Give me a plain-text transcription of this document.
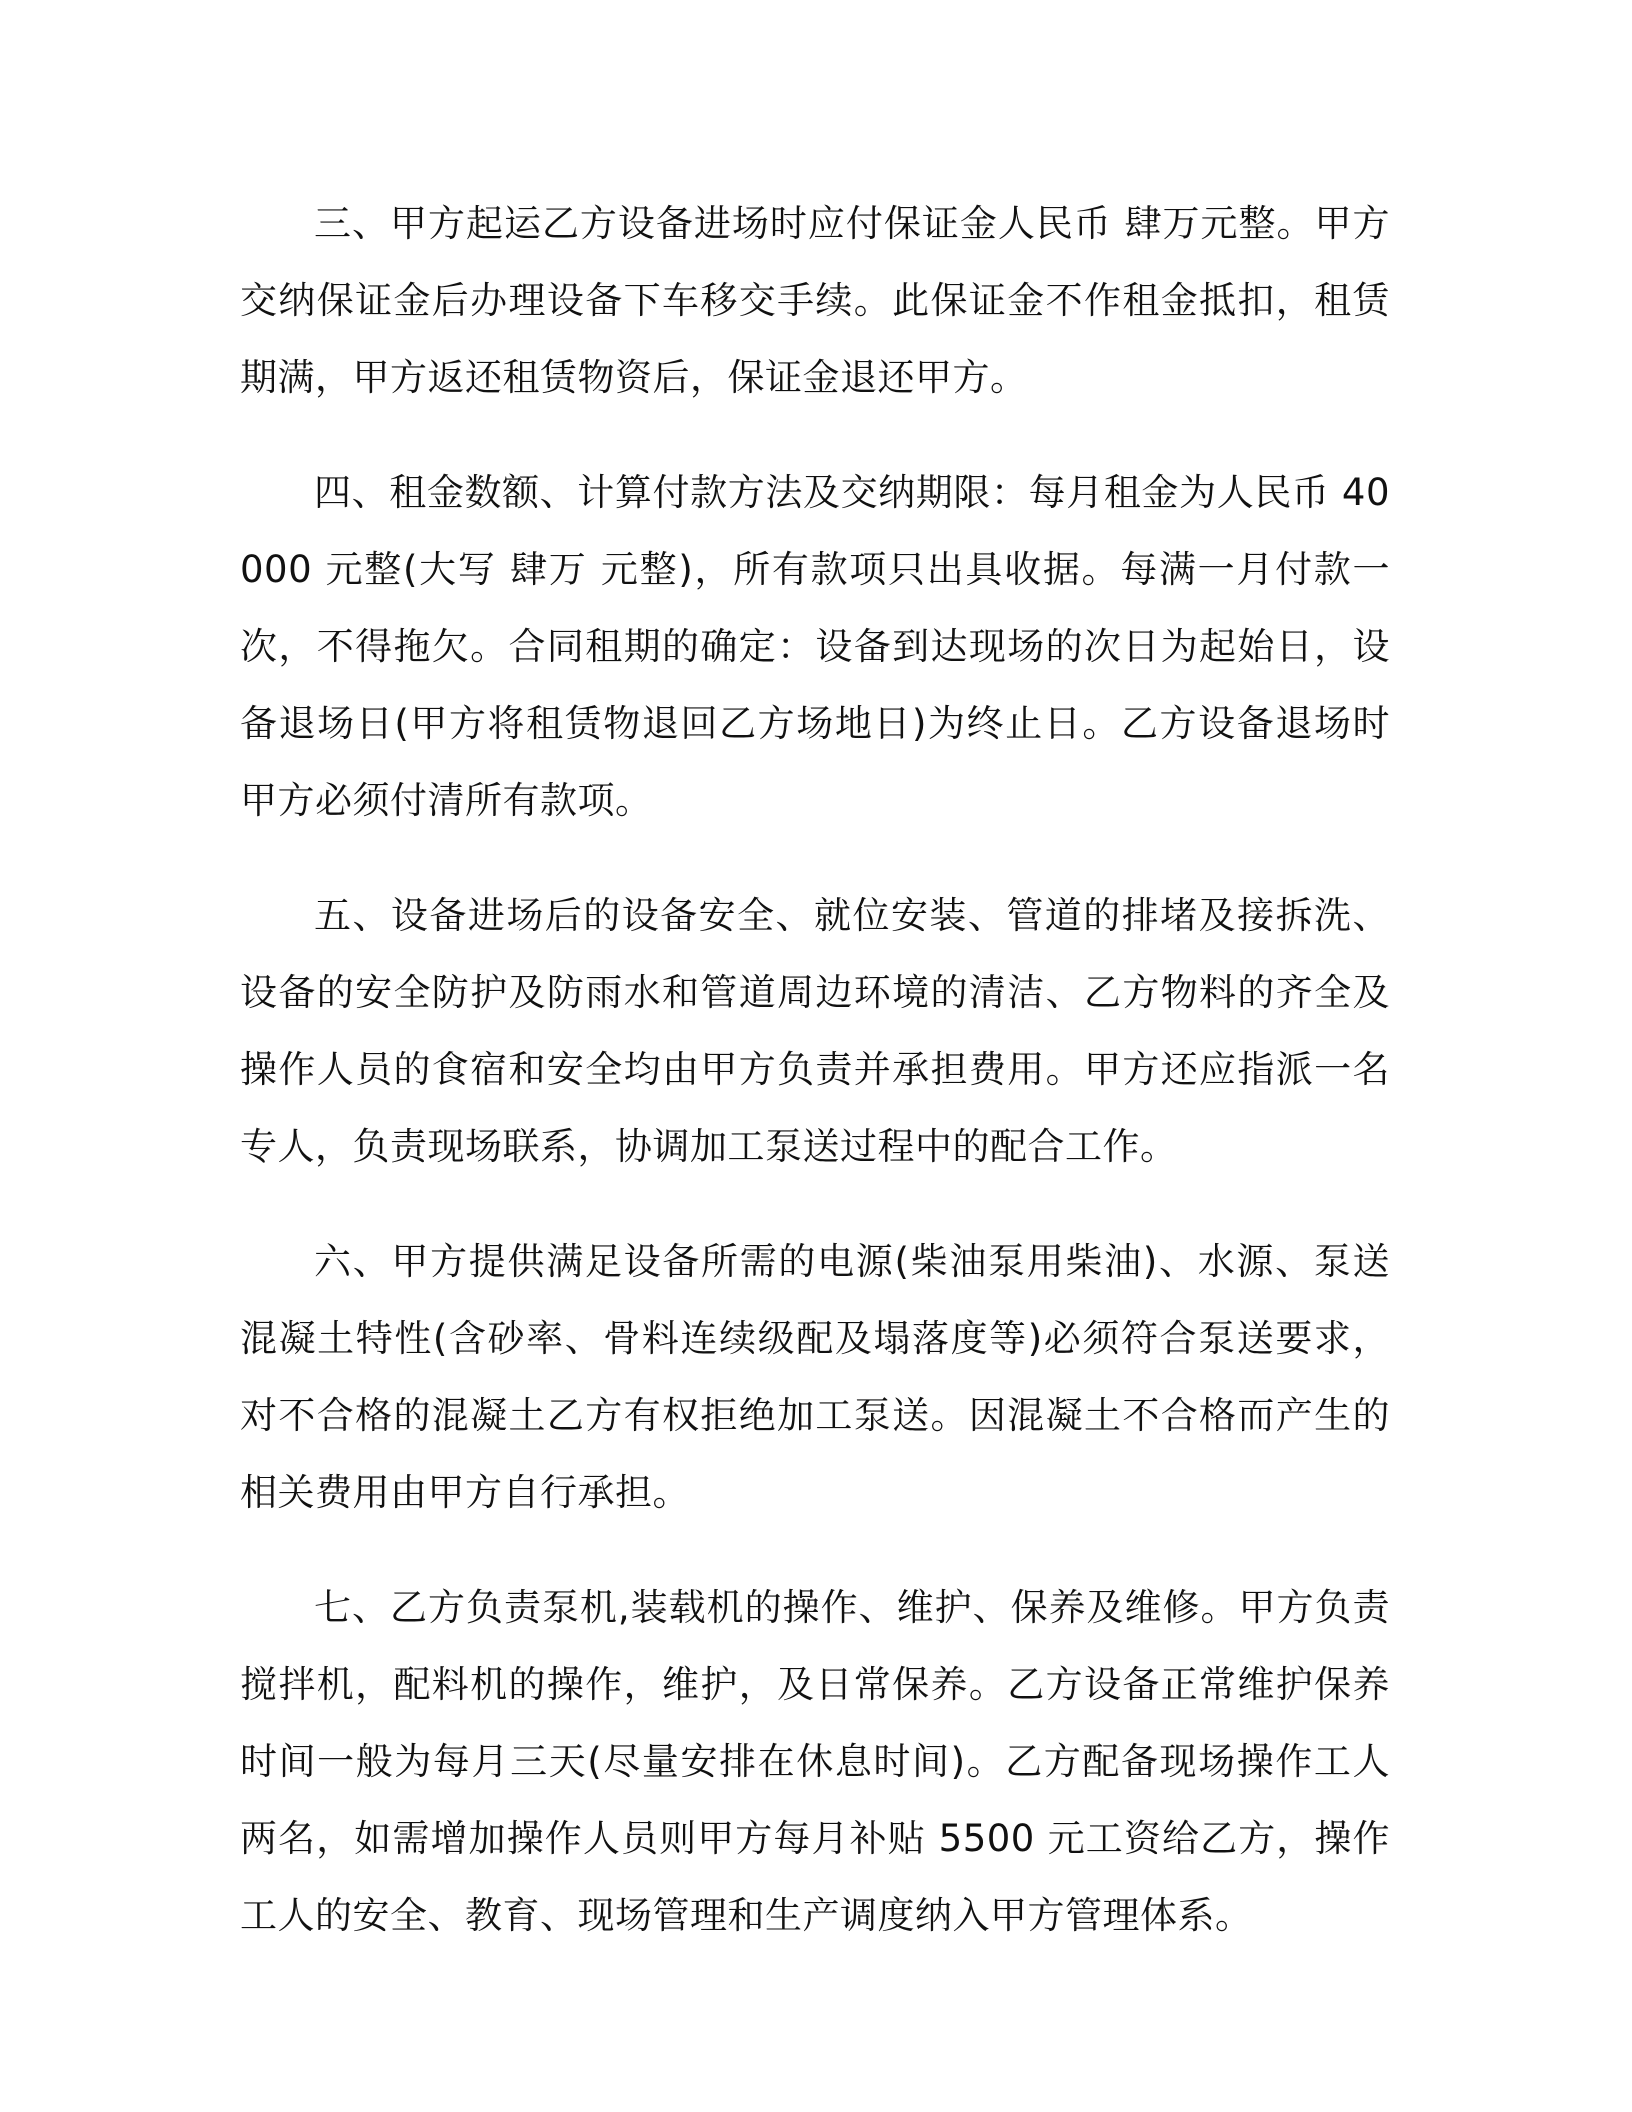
三、甲方起运乙方设备进场时应付保证金人民币 肆万元整。甲方交纳保证金后办理设备下车移交手续。此保证金不作租金抵扣，租赁期满，甲方返还租赁物资后，保证金退还甲方。

四、租金数额、计算付款方法及交纳期限：每月租金为人民币 40000 元整(大写 肆万 元整)，所有款项只出具收据。每满一月付款一次，不得拖欠。合同租期的确定：设备到达现场的次日为起始日，设备退场日(甲方将租赁物退回乙方场地日)为终止日。乙方设备退场时甲方必须付清所有款项。

五、设备进场后的设备安全、就位安装、管道的排堵及接拆洗、设备的安全防护及防雨水和管道周边环境的清洁、乙方物料的齐全及操作人员的食宿和安全均由甲方负责并承担费用。甲方还应指派一名专人，负责现场联系，协调加工泵送过程中的配合工作。

六、甲方提供满足设备所需的电源(柴油泵用柴油)、水源、泵送混凝土特性(含砂率、骨料连续级配及塌落度等)必须符合泵送要求，对不合格的混凝土乙方有权拒绝加工泵送。因混凝土不合格而产生的相关费用由甲方自行承担。

七、乙方负责泵机,装载机的操作、维护、保养及维修。甲方负责搅拌机，配料机的操作，维护，及日常保养。乙方设备正常维护保养时间一般为每月三天(尽量安排在休息时间)。乙方配备现场操作工人两名，如需增加操作人员则甲方每月补贴 5500 元工资给乙方，操作工人的安全、教育、现场管理和生产调度纳入甲方管理体系。
